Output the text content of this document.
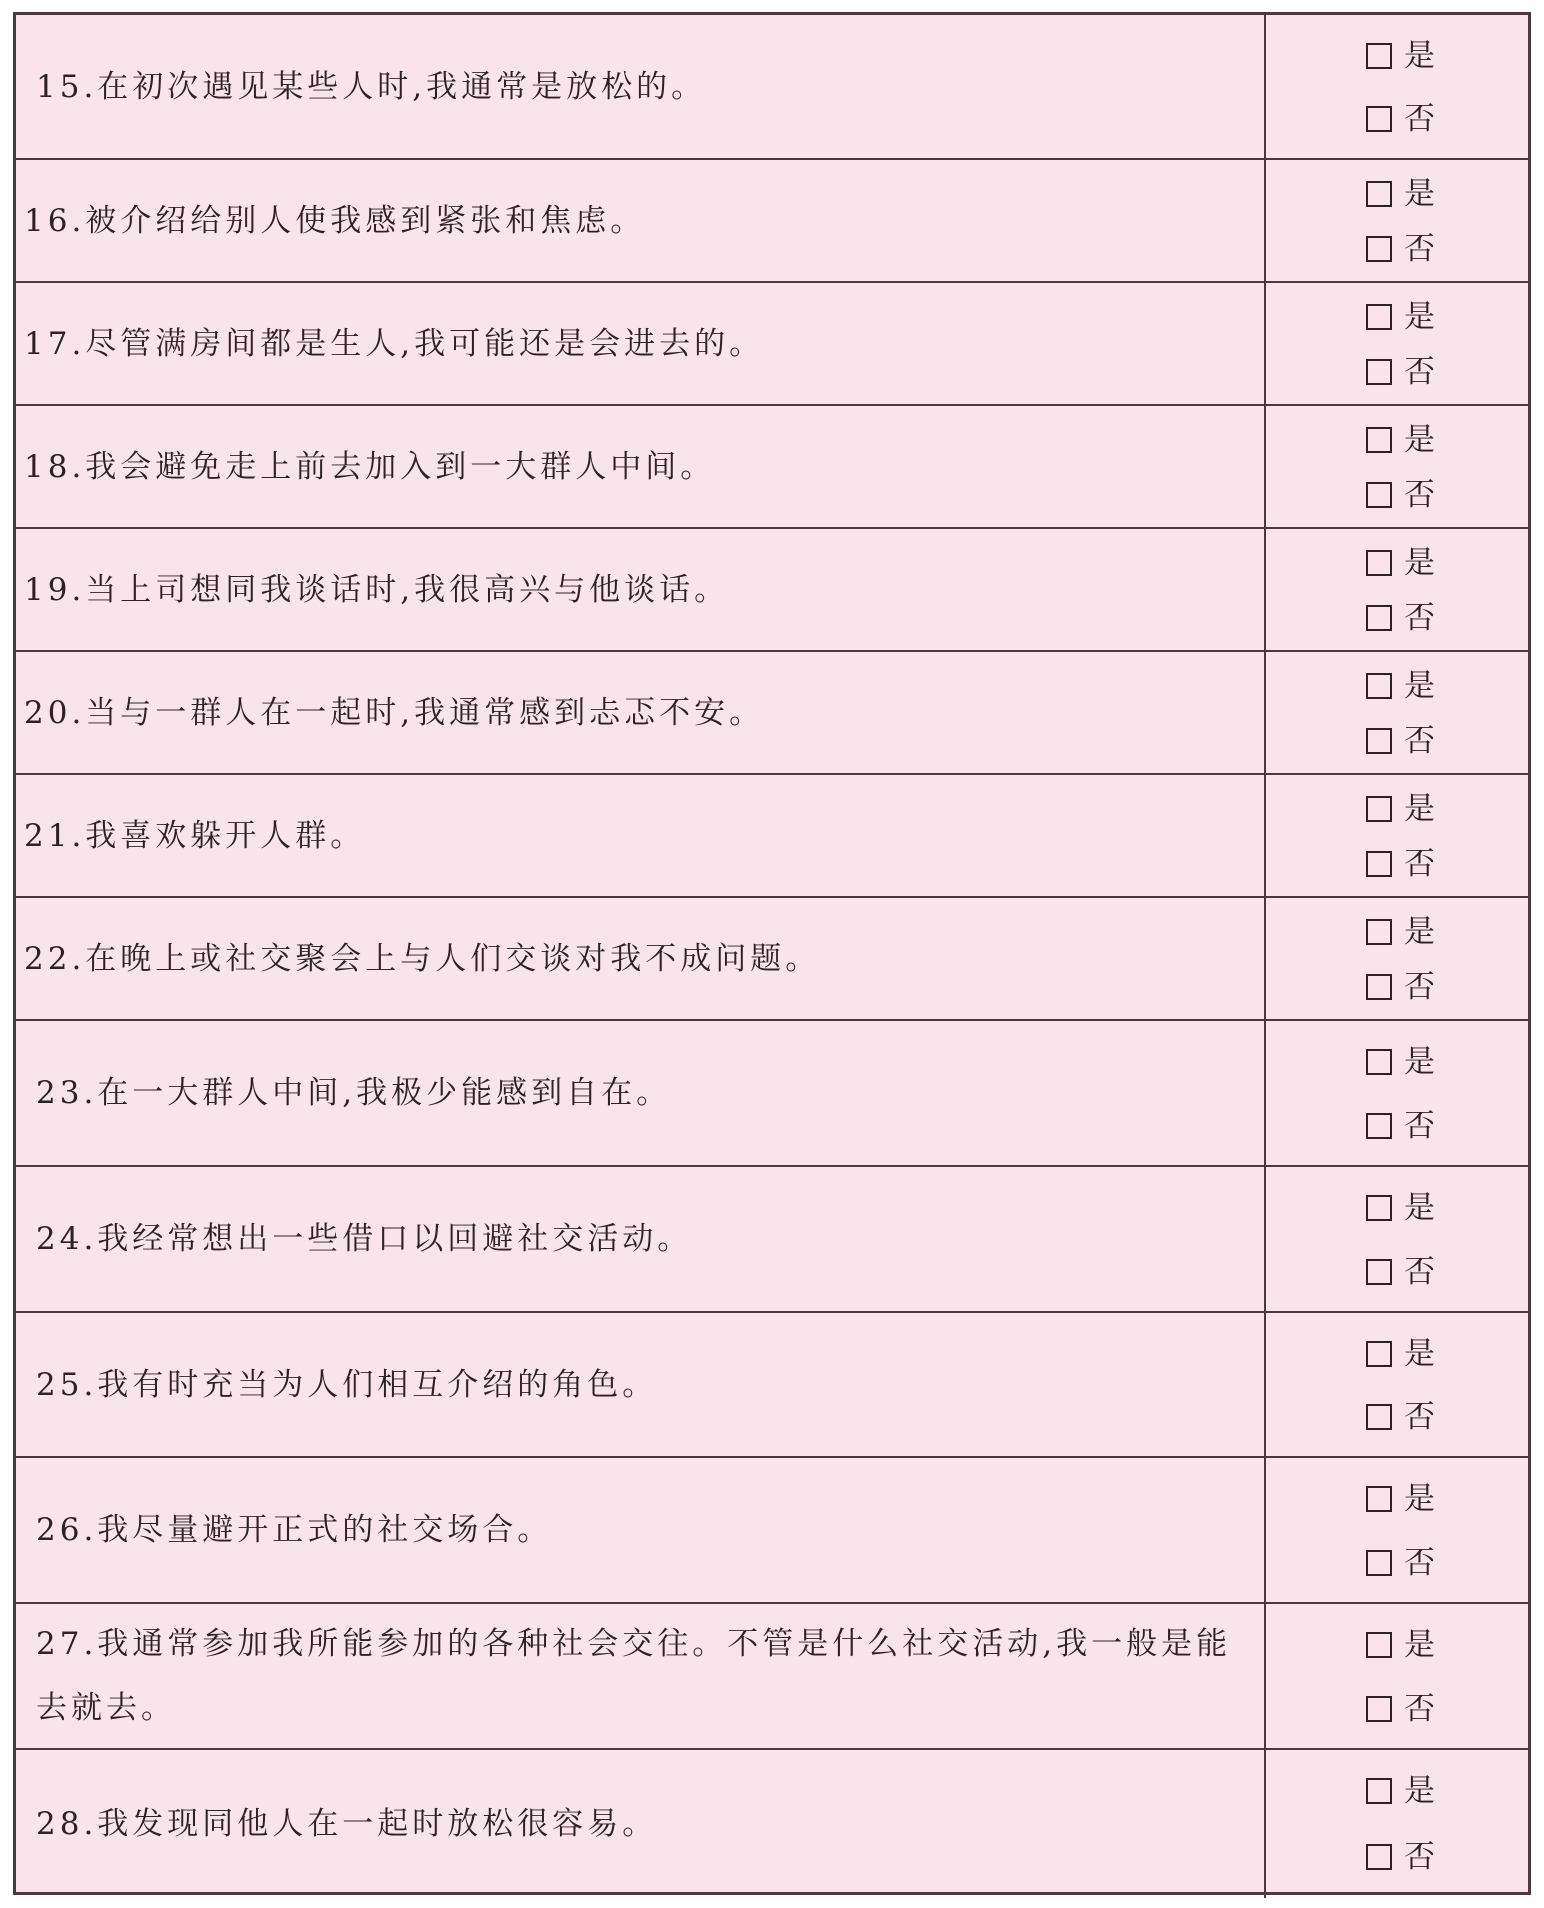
15.在初次遇见某些人时,我通常是放松的。
是
否
16.被介绍给别人使我感到紧张和焦虑。
是
否
17.尽管满房间都是生人,我可能还是会进去的。
是
否
18.我会避免走上前去加入到一大群人中间。
是
否
19.当上司想同我谈话时,我很高兴与他谈话。
是
否
20.当与一群人在一起时,我通常感到忐忑不安。
是
否
21.我喜欢躲开人群。
是
否
22.在晚上或社交聚会上与人们交谈对我不成问题。
是
否
23.在一大群人中间,我极少能感到自在。
是
否
24.我经常想出一些借口以回避社交活动。
是
否
25.我有时充当为人们相互介绍的角色。
是
否
26.我尽量避开正式的社交场合。
是
否
27.我通常参加我所能参加的各种社会交往。不管是什么社交活动,我一般是能去就去。
是
否
28.我发现同他人在一起时放松很容易。
是
否
